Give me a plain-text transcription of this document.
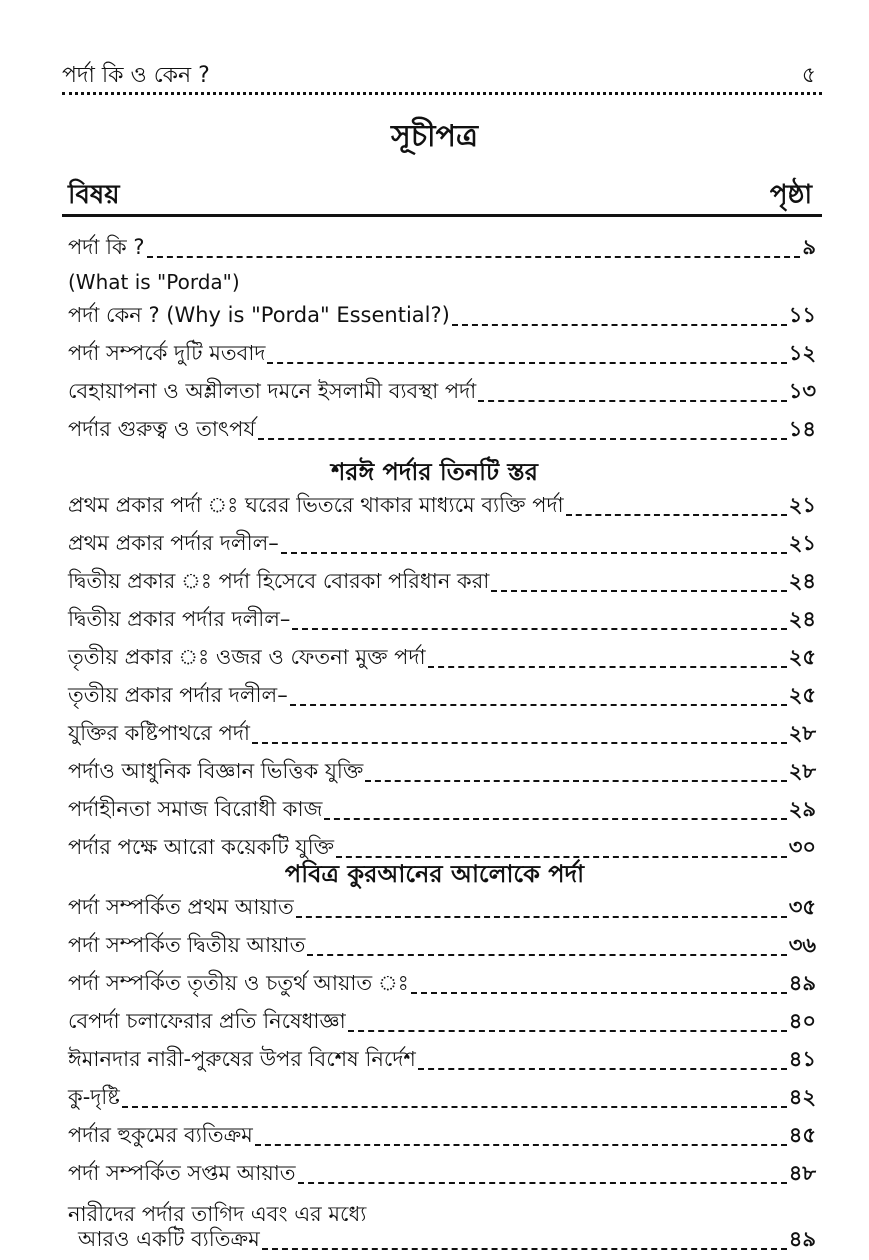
পর্দা কি ও কেন ?	৫
সূচীপত্র
বিষয়	পৃষ্ঠা
পর্দা কি ?	৯
(What is "Porda")
পর্দা কেন ? (Why is "Porda" Essential?)	১১
পর্দা সম্পর্কে দুটি মতবাদ	১২
বেহায়াপনা ও অশ্লীলতা দমনে ইসলামী ব্যবস্থা পর্দা	১৩
পর্দার গুরুত্ব ও তাৎপর্য	১৪
শরঈ পর্দার তিনটি স্তর
প্রথম প্রকার পর্দা ঃ ঘরের ভিতরে থাকার মাধ্যমে ব্যক্তি পর্দা	২১
প্রথম প্রকার পর্দার দলীল–	২১
দ্বিতীয় প্রকার ঃ পর্দা হিসেবে বোরকা পরিধান করা	২৪
দ্বিতীয় প্রকার পর্দার দলীল–	২৪
তৃতীয় প্রকার ঃ ওজর ও ফেতনা মুক্ত পর্দা	২৫
তৃতীয় প্রকার পর্দার দলীল–	২৫
যুক্তির কষ্টিপাথরে পর্দা	২৮
পর্দাও আধুনিক বিজ্ঞান ভিত্তিক যুক্তি	২৮
পর্দাহীনতা সমাজ বিরোধী কাজ	২৯
পর্দার পক্ষে আরো কয়েকটি যুক্তি	৩০
পবিত্র কুরআনের আলোকে পর্দা
পর্দা সম্পর্কিত প্রথম আয়াত	৩৫
পর্দা সম্পর্কিত দ্বিতীয় আয়াত	৩৬
পর্দা সম্পর্কিত তৃতীয় ও চতুর্থ আয়াত ঃ	৪৯
বেপর্দা চলাফেরার প্রতি নিষেধাজ্ঞা	৪০
ঈমানদার নারী-পুরুষের উপর বিশেষ নির্দেশ	৪১
কু-দৃষ্টি	৪২
পর্দার হুকুমের ব্যতিক্রম	৪৫
পর্দা সম্পর্কিত সপ্তম আয়াত	৪৮
নারীদের পর্দার তাগিদ এবং এর মধ্যে
আরও একটি ব্যতিক্রম	৪৯
